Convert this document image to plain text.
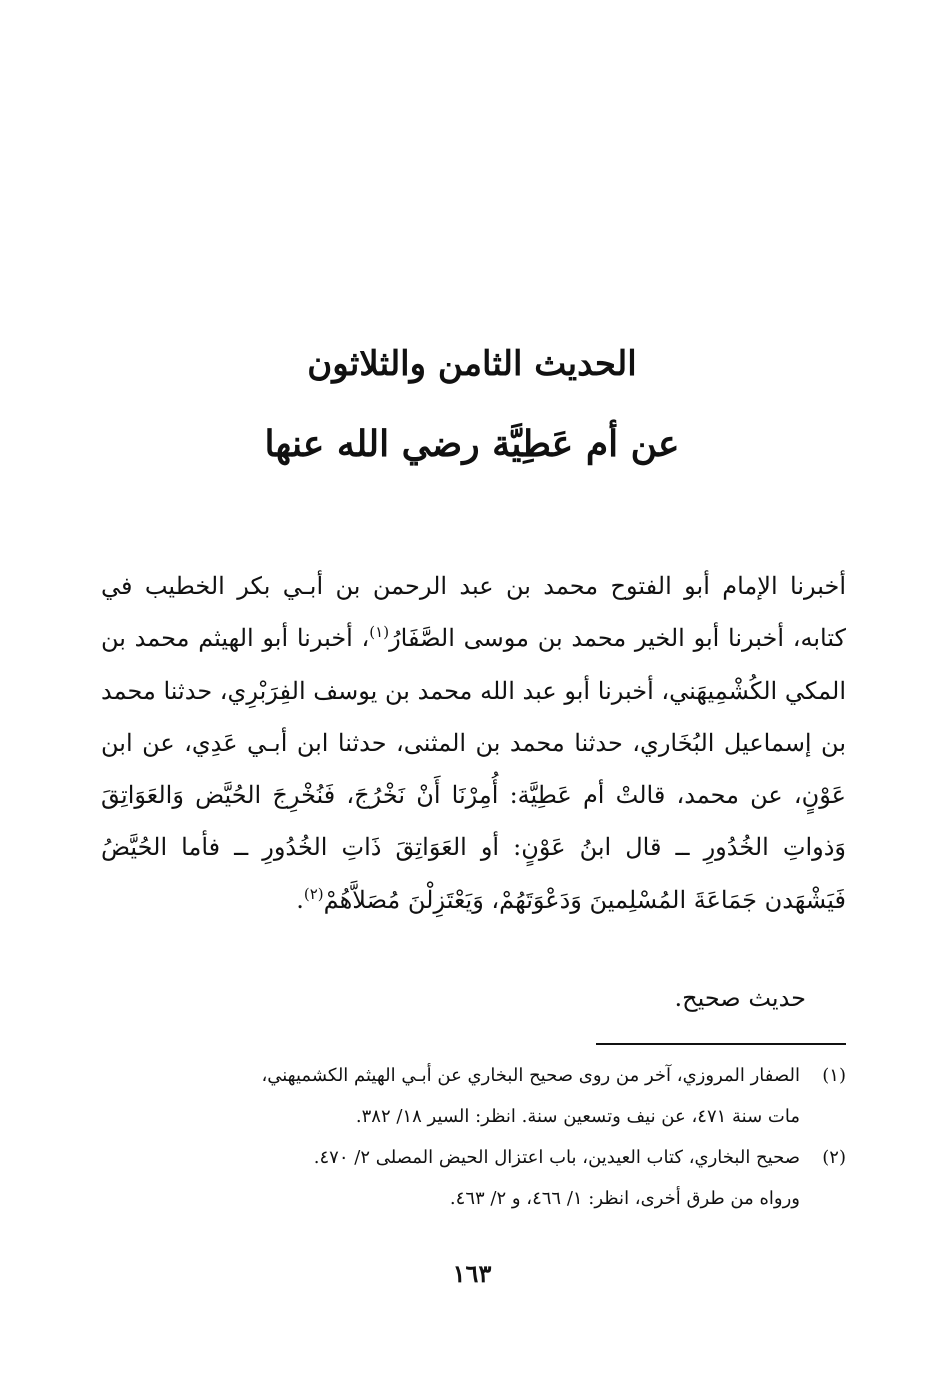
الحديث الثامن والثلاثون
عن أم عَطِيَّة رضي الله عنها

أخبرنا الإمام أبو الفتوح محمد بن عبد الرحمن بن أبـي بكر الخطيب في كتابه، أخبرنا أبو الخير محمد بن موسى الصَّفَارُ$^{(١)}$، أخبرنا أبو الهيثم محمد بن المكي الكُشْمِيهَني، أخبرنا أبو عبد الله محمد بن يوسف الفِرَبْرِي، حدثنا محمد بن إسماعيل البُخَاري، حدثنا محمد بن المثنى، حدثنا ابن أبـي عَدِي، عن ابن عَوْنٍ، عن محمد، قالتْ أم عَطِيَّة: أُمِرْنَا أَنْ نَخْرُجَ، فَنُخْرِجَ الحُيَّض وَالعَوَاتِقَ وَذواتِ الخُدُورِ ــ قال ابنُ عَوْنٍ: أو العَوَاتِقَ ذَاتِ الخُدُورِ ــ فأما الحُيَّضُ فَيَشْهَدن جَمَاعَةَ المُسْلِمينَ وَدَعْوَتَهُمْ، وَيَعْتَزِلْنَ مُصَلاَّهُمْ$^{(٢)}$.

حديث صحيح.
(١)
الصفار المروزي، آخر من روى صحيح البخاري عن أبـي الهيثم الكشميهني،
مات سنة ٤٧١، عن نيف وتسعين سنة. انظر: السير ١٨/ ٣٨٢.
(٢)
صحيح البخاري، كتاب العيدين، باب اعتزال الحيض المصلى ٢/ ٤٧٠.
ورواه من طرق أخرى، انظر: ١/ ٤٦٦، و ٢/ ٤٦٣.
١٦٣
